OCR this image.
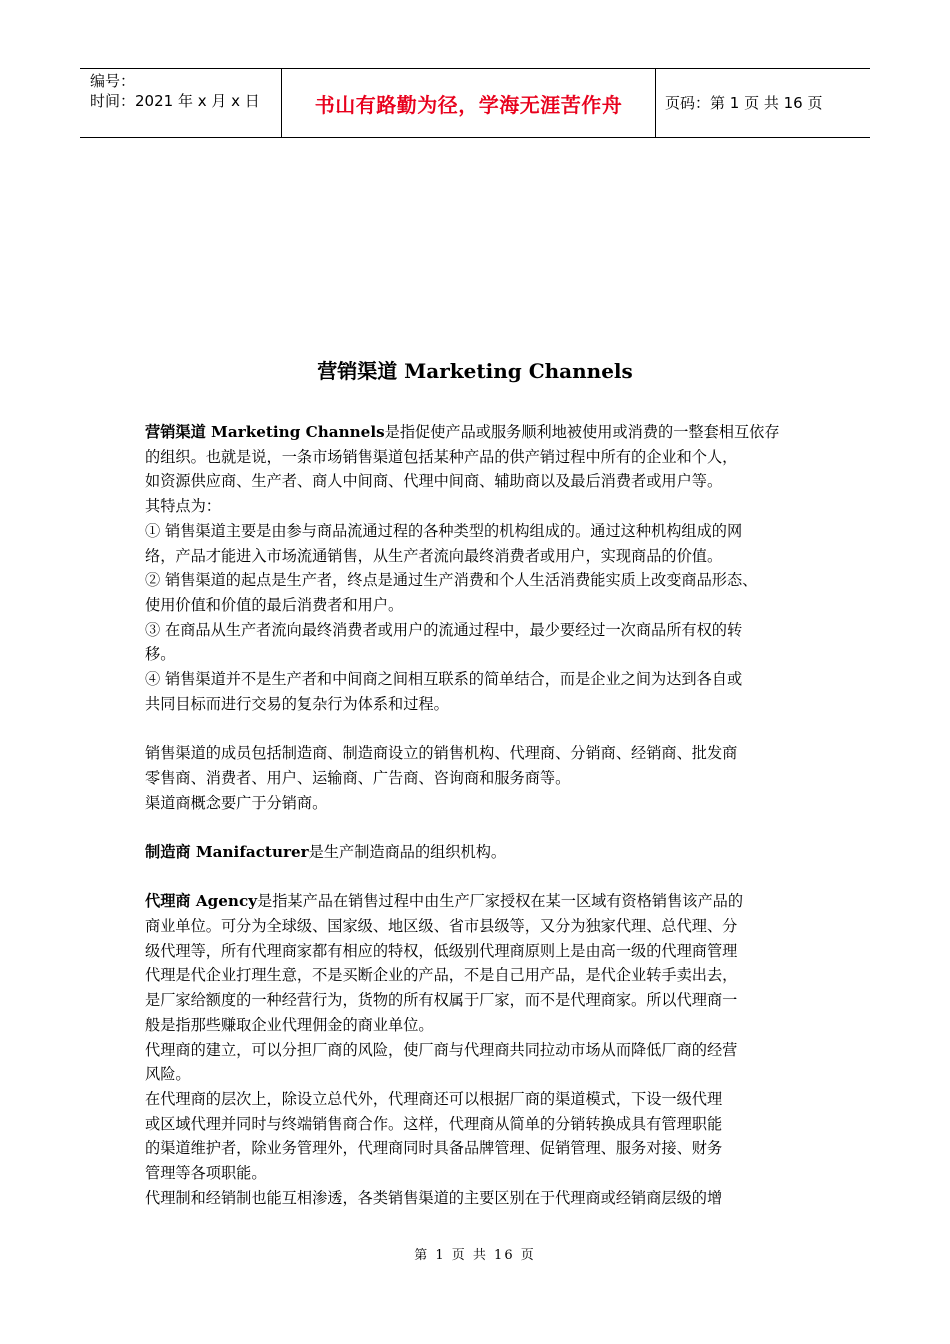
编号：
时间：2021 年 x 月 x 日	书山有路勤为径，学海无涯苦作舟	页码：第 1 页 共 16 页
营销渠道 Marketing Channels

营销渠道 Marketing Channels是指促使产品或服务顺利地被使用或消费的一整套相互依存

的组织。也就是说，一条市场销售渠道包括某种产品的供产销过程中所有的企业和个人，

如资源供应商、生产者、商人中间商、代理中间商、辅助商以及最后消费者或用户等。

其特点为：

① 销售渠道主要是由参与商品流通过程的各种类型的机构组成的。通过这种机构组成的网

络，产品才能进入市场流通销售，从生产者流向最终消费者或用户，实现商品的价值。

② 销售渠道的起点是生产者，终点是通过生产消费和个人生活消费能实质上改变商品形态、

使用价值和价值的最后消费者和用户。

③ 在商品从生产者流向最终消费者或用户的流通过程中，最少要经过一次商品所有权的转

移。

④ 销售渠道并不是生产者和中间商之间相互联系的简单结合，而是企业之间为达到各自或

共同目标而进行交易的复杂行为体系和过程。

销售渠道的成员包括制造商、制造商设立的销售机构、代理商、分销商、经销商、批发商

零售商、消费者、用户、运输商、广告商、咨询商和服务商等。

渠道商概念要广于分销商。

制造商 Manifacturer是生产制造商品的组织机构。

代理商 Agency是指某产品在销售过程中由生产厂家授权在某一区域有资格销售该产品的

商业单位。可分为全球级、国家级、地区级、省市县级等，又分为独家代理、总代理、分

级代理等，所有代理商家都有相应的特权，低级别代理商原则上是由高一级的代理商管理

代理是代企业打理生意，不是买断企业的产品，不是自己用产品，是代企业转手卖出去，

是厂家给额度的一种经营行为，货物的所有权属于厂家，而不是代理商家。所以代理商一

般是指那些赚取企业代理佣金的商业单位。

代理商的建立，可以分担厂商的风险，使厂商与代理商共同拉动市场从而降低厂商的经营

风险。

在代理商的层次上，除设立总代外，代理商还可以根据厂商的渠道模式，下设一级代理

或区域代理并同时与终端销售商合作。这样，代理商从简单的分销转换成具有管理职能

的渠道维护者，除业务管理外，代理商同时具备品牌管理、促销管理、服务对接、财务

管理等各项职能。

代理制和经销制也能互相渗透，各类销售渠道的主要区别在于代理商或经销商层级的增

第 1 页 共 16 页
